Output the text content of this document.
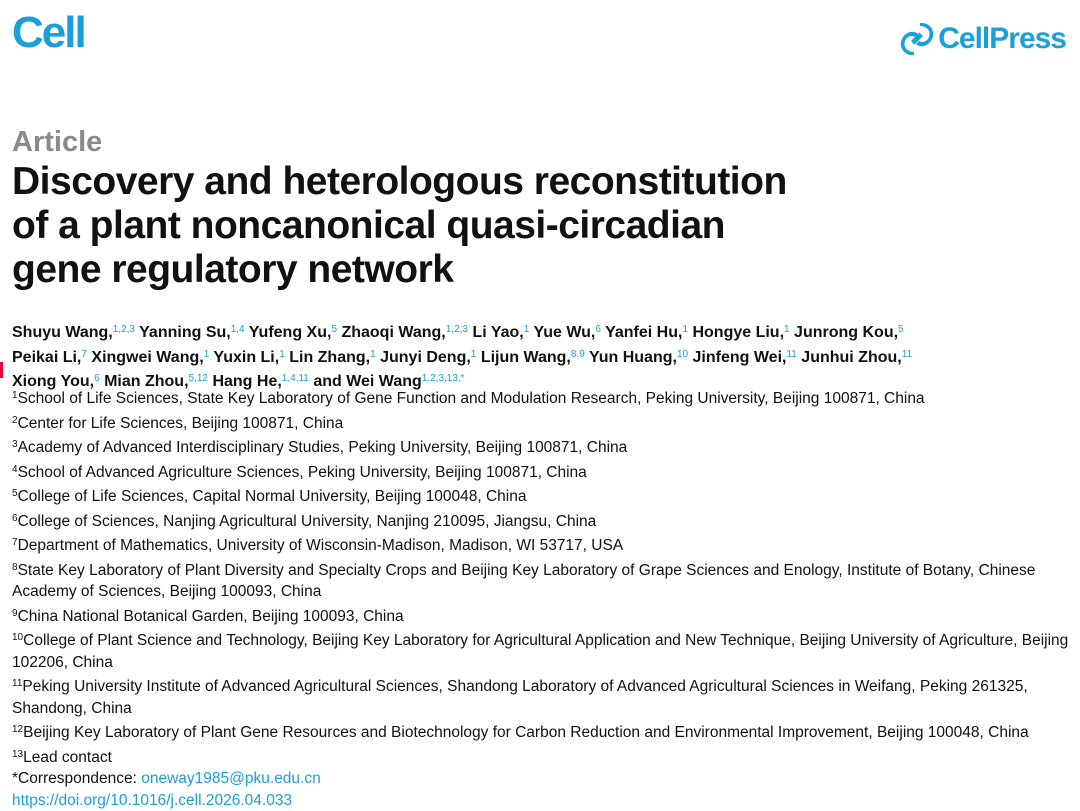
Cell	CellPress
Article
Discovery and heterologous reconstitution
of a plant noncanonical quasi-circadian
gene regulatory network
Shuyu Wang,$^{1,2,3}$ Yanning Su,$^{1,4}$ Yufeng Xu,$^5$ Zhaoqi Wang,$^{1,2,3}$ Li Yao,$^1$ Yue Wu,$^6$ Yanfei Hu,$^1$ Hongye Liu,$^1$ Junrong Kou,$^5$
Peikai Li,$^7$ Xingwei Wang,$^1$ Yuxin Li,$^1$ Lin Zhang,$^1$ Junyi Deng,$^1$ Lijun Wang,$^{8,9}$ Yun Huang,$^{10}$ Jinfeng Wei,$^{11}$ Junhui Zhou,$^{11}$
Xiong You,$^6$ Mian Zhou,$^{5,12}$ Hang He,$^{1,4,11}$ and Wei Wang$^{1,2,3,13,*}$

$^1$School of Life Sciences, State Key Laboratory of Gene Function and Modulation Research, Peking University, Beijing 100871, China

$^2$Center for Life Sciences, Beijing 100871, China

$^3$Academy of Advanced Interdisciplinary Studies, Peking University, Beijing 100871, China

$^4$School of Advanced Agriculture Sciences, Peking University, Beijing 100871, China

$^5$College of Life Sciences, Capital Normal University, Beijing 100048, China

$^6$College of Sciences, Nanjing Agricultural University, Nanjing 210095, Jiangsu, China

$^7$Department of Mathematics, University of Wisconsin-Madison, Madison, WI 53717, USA

$^8$State Key Laboratory of Plant Diversity and Specialty Crops and Beijing Key Laboratory of Grape Sciences and Enology, Institute of Botany, Chinese Academy of Sciences, Beijing 100093, China

$^9$China National Botanical Garden, Beijing 100093, China

$^{10}$College of Plant Science and Technology, Beijing Key Laboratory for Agricultural Application and New Technique, Beijing University of Agriculture, Beijing 102206, China

$^{11}$Peking University Institute of Advanced Agricultural Sciences, Shandong Laboratory of Advanced Agricultural Sciences in Weifang, Peking 261325, Shandong, China

$^{12}$Beijing Key Laboratory of Plant Gene Resources and Biotechnology for Carbon Reduction and Environmental Improvement, Beijing 100048, China

$^{13}$Lead contact

*Correspondence: oneway1985@pku.edu.cn

https://doi.org/10.1016/j.cell.2026.04.033
